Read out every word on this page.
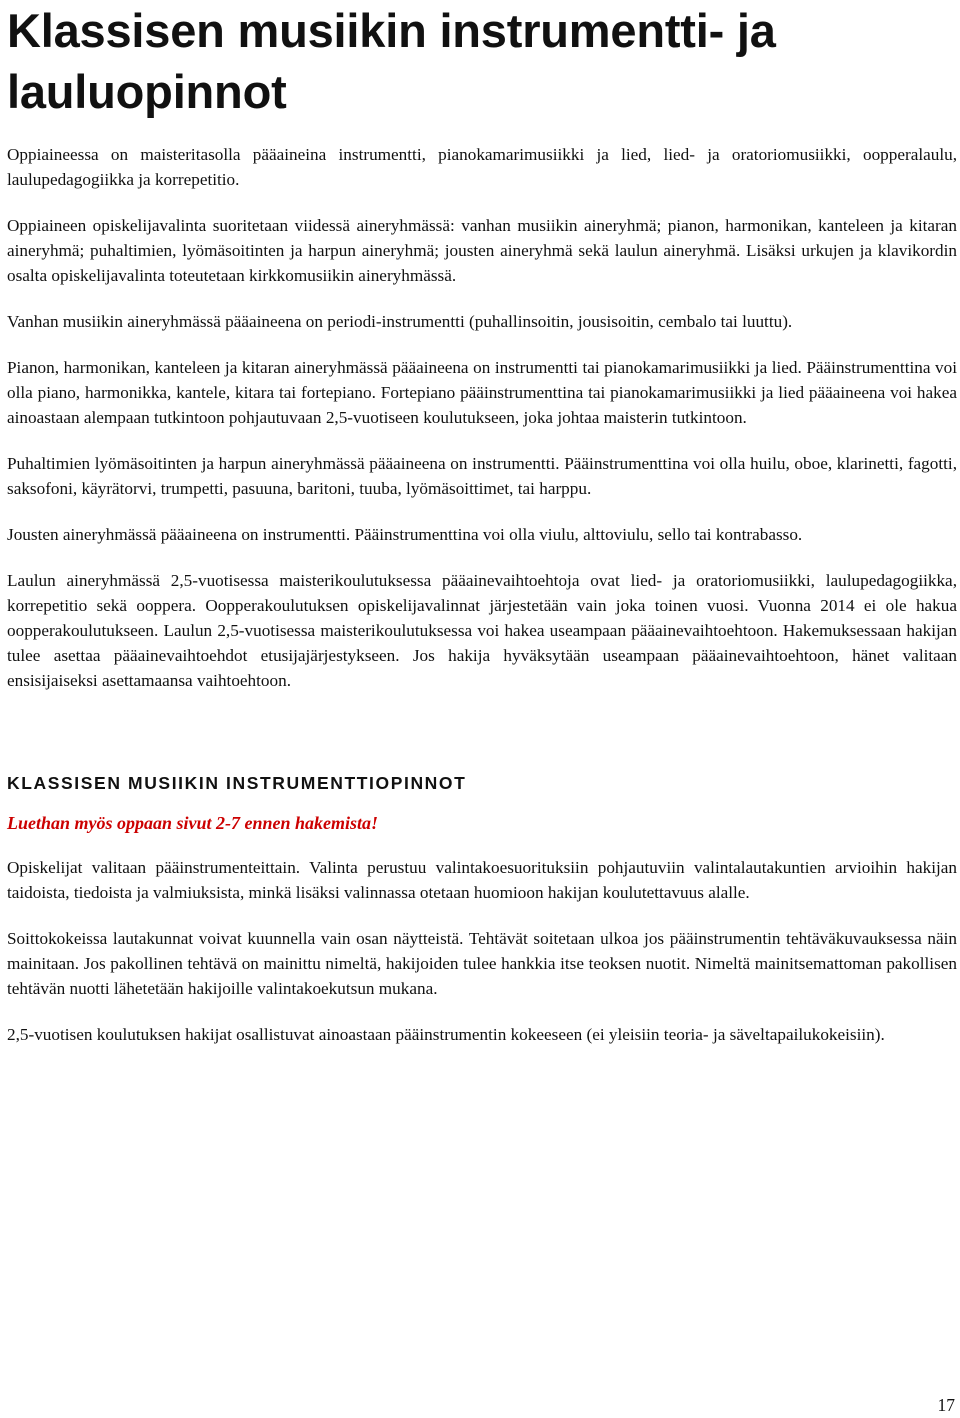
Klassisen musiikin instrumentti- ja lauluopinnot

Oppiaineessa on maisteritasolla pääaineina instrumentti, pianokamarimusiikki ja lied, lied- ja oratoriomusiikki, oopperalaulu, laulupedagogiikka ja korrepetitio.

Oppiaineen opiskelijavalinta suoritetaan viidessä aineryhmässä: vanhan musiikin aineryhmä; pianon, harmonikan, kanteleen ja kitaran aineryhmä; puhaltimien, lyömäsoitinten ja harpun aineryhmä; jousten aineryhmä sekä laulun aineryhmä. Lisäksi urkujen ja klavikordin osalta opiskelijavalinta toteutetaan kirkkomusiikin aineryhmässä.

Vanhan musiikin aineryhmässä pääaineena on periodi-instrumentti (puhallinsoitin, jousisoitin, cembalo tai luuttu).

Pianon, harmonikan, kanteleen ja kitaran aineryhmässä pääaineena on instrumentti tai pianokamarimusiikki ja lied. Pääinstrumenttina voi olla piano, harmonikka, kantele, kitara tai fortepiano. Fortepiano pääinstrumenttina tai pianokamarimusiikki ja lied pääaineena voi hakea ainoastaan alempaan tutkintoon pohjautuvaan 2,5-vuotiseen koulutukseen, joka johtaa maisterin tutkintoon.

Puhaltimien lyömäsoitinten ja harpun aineryhmässä pääaineena on instrumentti. Pääinstrumenttina voi olla huilu, oboe, klarinetti, fagotti, saksofoni, käyrätorvi, trumpetti, pasuuna, baritoni, tuuba, lyömäsoittimet, tai harppu.

Jousten aineryhmässä pääaineena on instrumentti. Pääinstrumenttina voi olla viulu, alttoviulu, sello tai kontrabasso.

Laulun aineryhmässä 2,5-vuotisessa maisterikoulutuksessa pääainevaihtoehtoja ovat lied- ja oratoriomusiikki, laulupedagogiikka, korrepetitio sekä ooppera. Oopperakoulutuksen opiskelijavalinnat järjestetään vain joka toinen vuosi. Vuonna 2014 ei ole hakua oopperakoulutukseen. Laulun 2,5-vuotisessa maisterikoulutuksessa voi hakea useampaan pääainevaihtoehtoon. Hakemuksessaan hakijan tulee asettaa pääainevaihtoehdot etusijajärjestykseen. Jos hakija hyväksytään useampaan pääainevaihtoehtoon, hänet valitaan ensisijaiseksi asettamaansa vaihtoehtoon.

KLASSISEN MUSIIKIN INSTRUMENTTIOPINNOT

Luethan myös oppaan sivut 2-7 ennen hakemista!

Opiskelijat valitaan pääinstrumenteittain. Valinta perustuu valintakoesuorituksiin pohjautuviin valintalautakuntien arvioihin hakijan taidoista, tiedoista ja valmiuksista, minkä lisäksi valinnassa otetaan huomioon hakijan koulutettavuus alalle.

Soittokokeissa lautakunnat voivat kuunnella vain osan näytteistä. Tehtävät soitetaan ulkoa jos pääinstrumentin tehtäväkuvauksessa näin mainitaan. Jos pakollinen tehtävä on mainittu nimeltä, hakijoiden tulee hankkia itse teoksen nuotit. Nimeltä mainitsemattoman pakollisen tehtävän nuotti lähetetään hakijoille valintakoekutsun mukana.

2,5-vuotisen koulutuksen hakijat osallistuvat ainoastaan pääinstrumentin kokeeseen (ei yleisiin teoria- ja säveltapailukokeisiin).

17
